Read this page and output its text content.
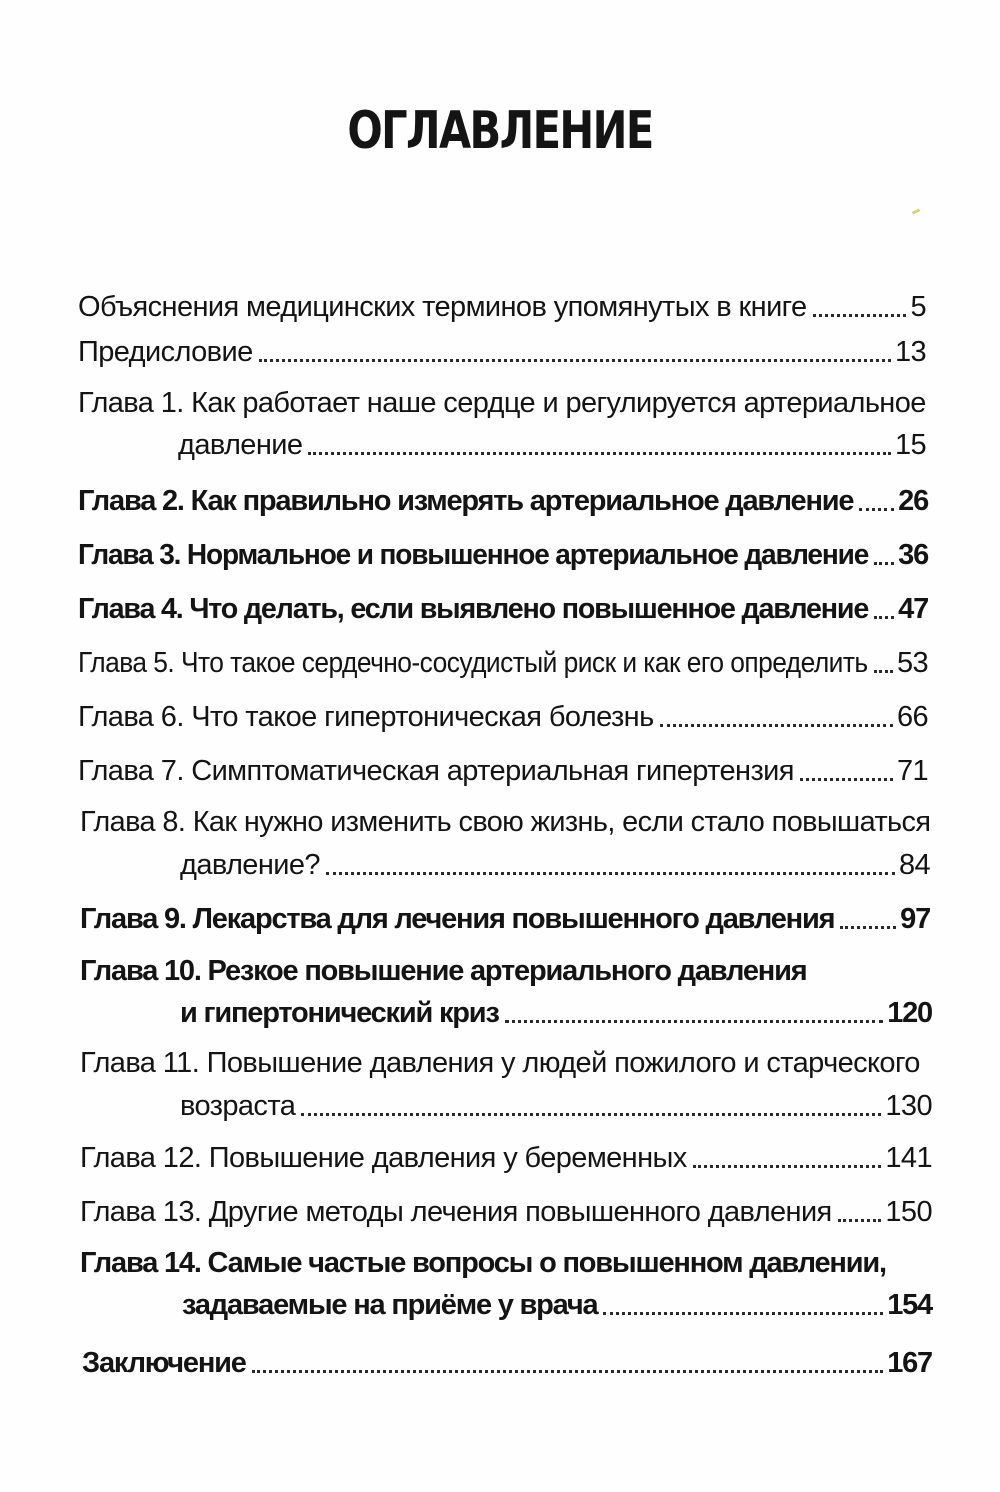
ОГЛАВЛЕНИЕ
Объяснения медицинских терминов упомянутых в книге	5
Предисловие	13
Глава 1. Как работает наше сердце и регулируется артериальное
давление	15
Глава 2. Как правильно измерять артериальное давление 26
Глава 3. Нормальное и повышенное артериальное давление 36
Глава 4. Что делать, если выявлено повышенное давление 47
Глава 5. Что такое сердечно-сосудистый риск и как его определить 53
Глава 6. Что такое гипертоническая болезнь	66
Глава 7. Симптоматическая артериальная гипертензия	71
Глава 8. Как нужно изменить свою жизнь, если стало повышаться
давление?	84
Глава 9. Лекарства для лечения повышенного давления 97
Глава 10. Резкое повышение артериального давления
и гипертонический криз	120
Глава 11. Повышение давления у людей пожилого и старческого
возраста	130
Глава 12. Повышение давления у беременных	141
Глава 13. Другие методы лечения повышенного давления 150
Глава 14. Самые частые вопросы о повышенном давлении,
задаваемые на приёме у врача	154
Заключение	167
